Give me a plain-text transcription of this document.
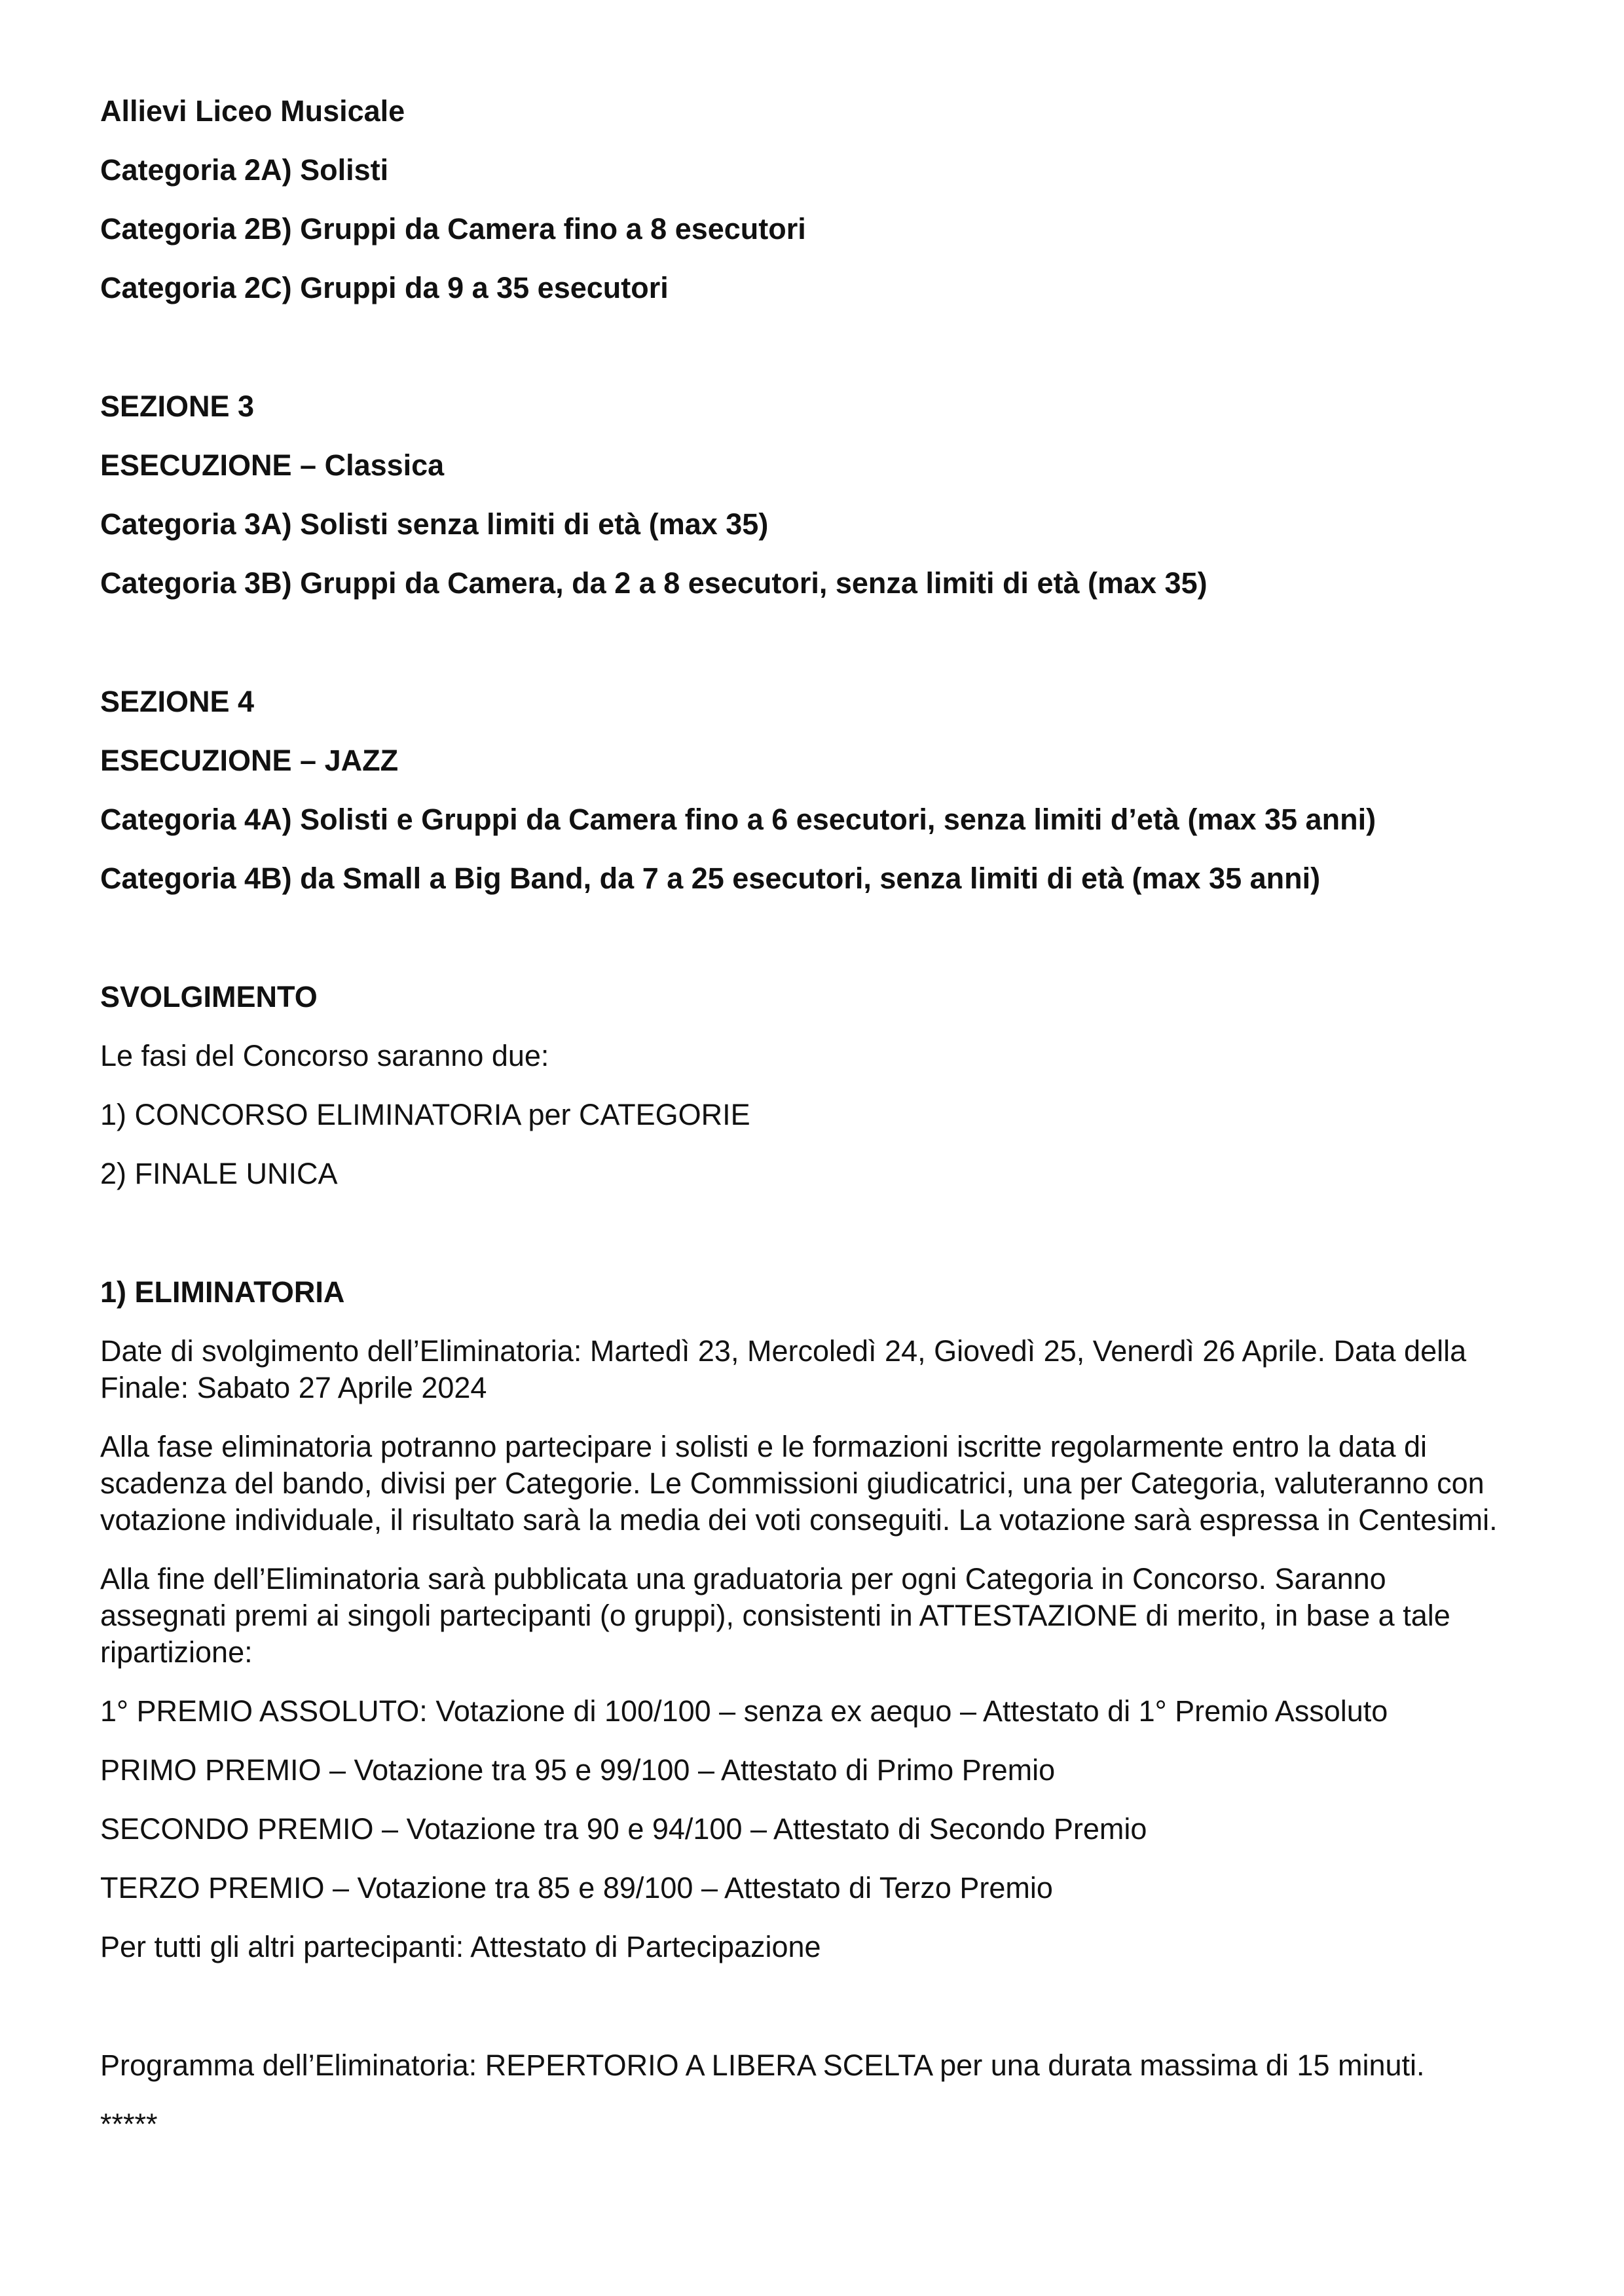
Allievi Liceo Musicale
Categoria 2A) Solisti
Categoria 2B) Gruppi da Camera fino a 8 esecutori
Categoria 2C) Gruppi da 9 a 35 esecutori
SEZIONE 3
ESECUZIONE – Classica
Categoria 3A) Solisti senza limiti di età (max 35)
Categoria 3B) Gruppi da Camera, da 2 a 8 esecutori, senza limiti di età (max 35)
SEZIONE 4
ESECUZIONE – JAZZ
Categoria 4A) Solisti e Gruppi da Camera fino a 6 esecutori, senza limiti d’età (max 35 anni)
Categoria 4B) da Small a Big Band, da 7 a 25 esecutori, senza limiti di età (max 35 anni)
SVOLGIMENTO
Le fasi del Concorso saranno due:
1) CONCORSO ELIMINATORIA per CATEGORIE
2) FINALE UNICA
1) ELIMINATORIA
Date di svolgimento dell’Eliminatoria: Martedì 23, Mercoledì 24, Giovedì 25, Venerdì 26 Aprile. Data della
Finale: Sabato 27 Aprile 2024
Alla fase eliminatoria potranno partecipare i solisti e le formazioni iscritte regolarmente entro la data di
scadenza del bando, divisi per Categorie. Le Commissioni giudicatrici, una per Categoria, valuteranno con
votazione individuale, il risultato sarà la media dei voti conseguiti. La votazione sarà espressa in Centesimi.
Alla fine dell’Eliminatoria sarà pubblicata una graduatoria per ogni Categoria in Concorso. Saranno
assegnati premi ai singoli partecipanti (o gruppi), consistenti in ATTESTAZIONE di merito, in base a tale
ripartizione:
1° PREMIO ASSOLUTO: Votazione di 100/100 – senza ex aequo – Attestato di 1° Premio Assoluto
PRIMO PREMIO – Votazione tra 95 e 99/100 – Attestato di Primo Premio
SECONDO PREMIO – Votazione tra 90 e 94/100 – Attestato di Secondo Premio
TERZO PREMIO – Votazione tra 85 e 89/100 – Attestato di Terzo Premio
Per tutti gli altri partecipanti: Attestato di Partecipazione
Programma dell’Eliminatoria: REPERTORIO A LIBERA SCELTA per una durata massima di 15 minuti.
*****
